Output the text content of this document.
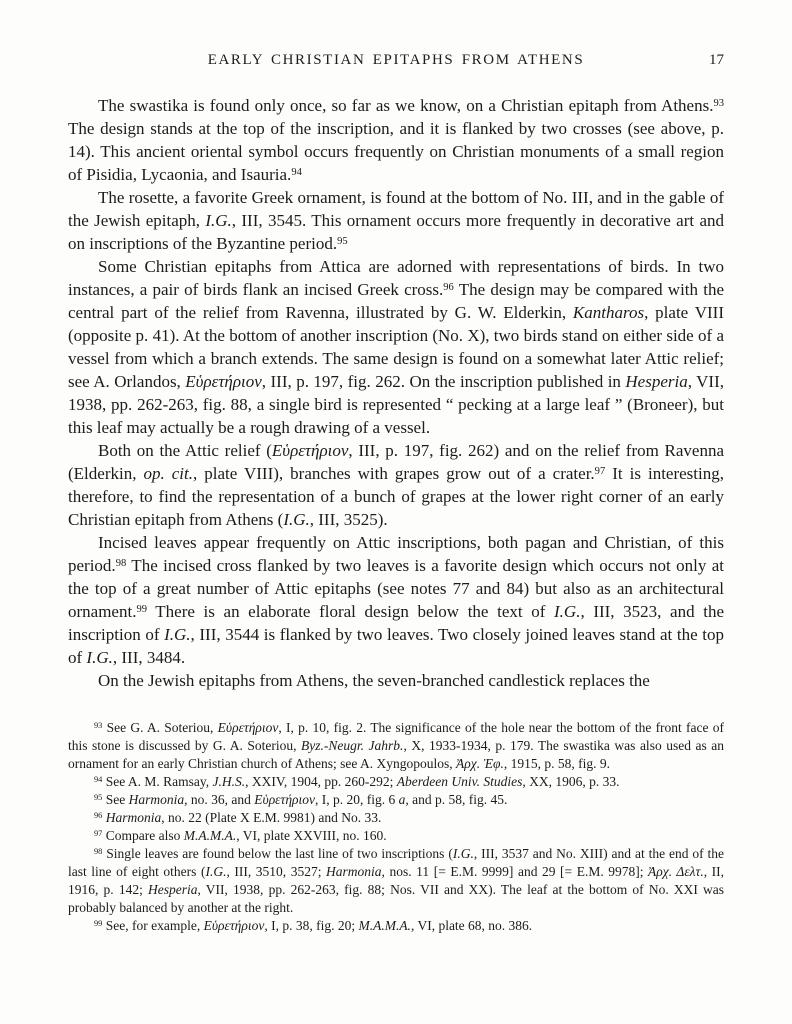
EARLY CHRISTIAN EPITAPHS FROM ATHENS	17

The swastika is found only once, so far as we know, on a Christian epitaph from Athens.$^{93}$ The design stands at the top of the inscription, and it is flanked by two crosses (see above, p. 14). This ancient oriental symbol occurs frequently on Christian monuments of a small region of Pisidia, Lycaonia, and Isauria.$^{94}$

The rosette, a favorite Greek ornament, is found at the bottom of No. III, and in the gable of the Jewish epitaph, I.G., III, 3545. This ornament occurs more frequently in decorative art and on inscriptions of the Byzantine period.$^{95}$

Some Christian epitaphs from Attica are adorned with representations of birds. In two instances, a pair of birds flank an incised Greek cross.$^{96}$ The design may be compared with the central part of the relief from Ravenna, illustrated by G. W. Elderkin, Kantharos, plate VIII (opposite p. 41). At the bottom of another inscription (No. X), two birds stand on either side of a vessel from which a branch extends. The same design is found on a somewhat later Attic relief; see A. Orlandos, Εὑρετήριον, III, p. 197, fig. 262. On the inscription published in Hesperia, VII, 1938, pp. 262-263, fig. 88, a single bird is represented “ pecking at a large leaf ” (Broneer), but this leaf may actually be a rough drawing of a vessel.

Both on the Attic relief (Εὑρετήριον, III, p. 197, fig. 262) and on the relief from Ravenna (Elderkin, op. cit., plate VIII), branches with grapes grow out of a crater.$^{97}$ It is interesting, therefore, to find the representation of a bunch of grapes at the lower right corner of an early Christian epitaph from Athens (I.G., III, 3525).

Incised leaves appear frequently on Attic inscriptions, both pagan and Christian, of this period.$^{98}$ The incised cross flanked by two leaves is a favorite design which occurs not only at the top of a great number of Attic epitaphs (see notes 77 and 84) but also as an architectural ornament.$^{99}$ There is an elaborate floral design below the text of I.G., III, 3523, and the inscription of I.G., III, 3544 is flanked by two leaves. Two closely joined leaves stand at the top of I.G., III, 3484.

On the Jewish epitaphs from Athens, the seven-branched candlestick replaces the

$^{93}$ See G. A. Soteriou, Εὑρετήριον, I, p. 10, fig. 2. The significance of the hole near the bottom of the front face of this stone is discussed by G. A. Soteriou, Byz.-Neugr. Jahrb., X, 1933-1934, p. 179. The swastika was also used as an ornament for an early Christian church of Athens; see A. Xyngopoulos, Ἀρχ. Ἐφ., 1915, p. 58, fig. 9.

$^{94}$ See A. M. Ramsay, J.H.S., XXIV, 1904, pp. 260-292; Aberdeen Univ. Studies, XX, 1906, p. 33.

$^{95}$ See Harmonia, no. 36, and Εὑρετήριον, I, p. 20, fig. 6 a, and p. 58, fig. 45.

$^{96}$ Harmonia, no. 22 (Plate X E.M. 9981) and No. 33.

$^{97}$ Compare also M.A.M.A., VI, plate XXVIII, no. 160.

$^{98}$ Single leaves are found below the last line of two inscriptions (I.G., III, 3537 and No. XIII) and at the end of the last line of eight others (I.G., III, 3510, 3527; Harmonia, nos. 11 [= E.M. 9999] and 29 [= E.M. 9978]; Ἀρχ. Δελτ., II, 1916, p. 142; Hesperia, VII, 1938, pp. 262-263, fig. 88; Nos. VII and XX). The leaf at the bottom of No. XXI was probably balanced by another at the right.

$^{99}$ See, for example, Εὑρετήριον, I, p. 38, fig. 20; M.A.M.A., VI, plate 68, no. 386.
